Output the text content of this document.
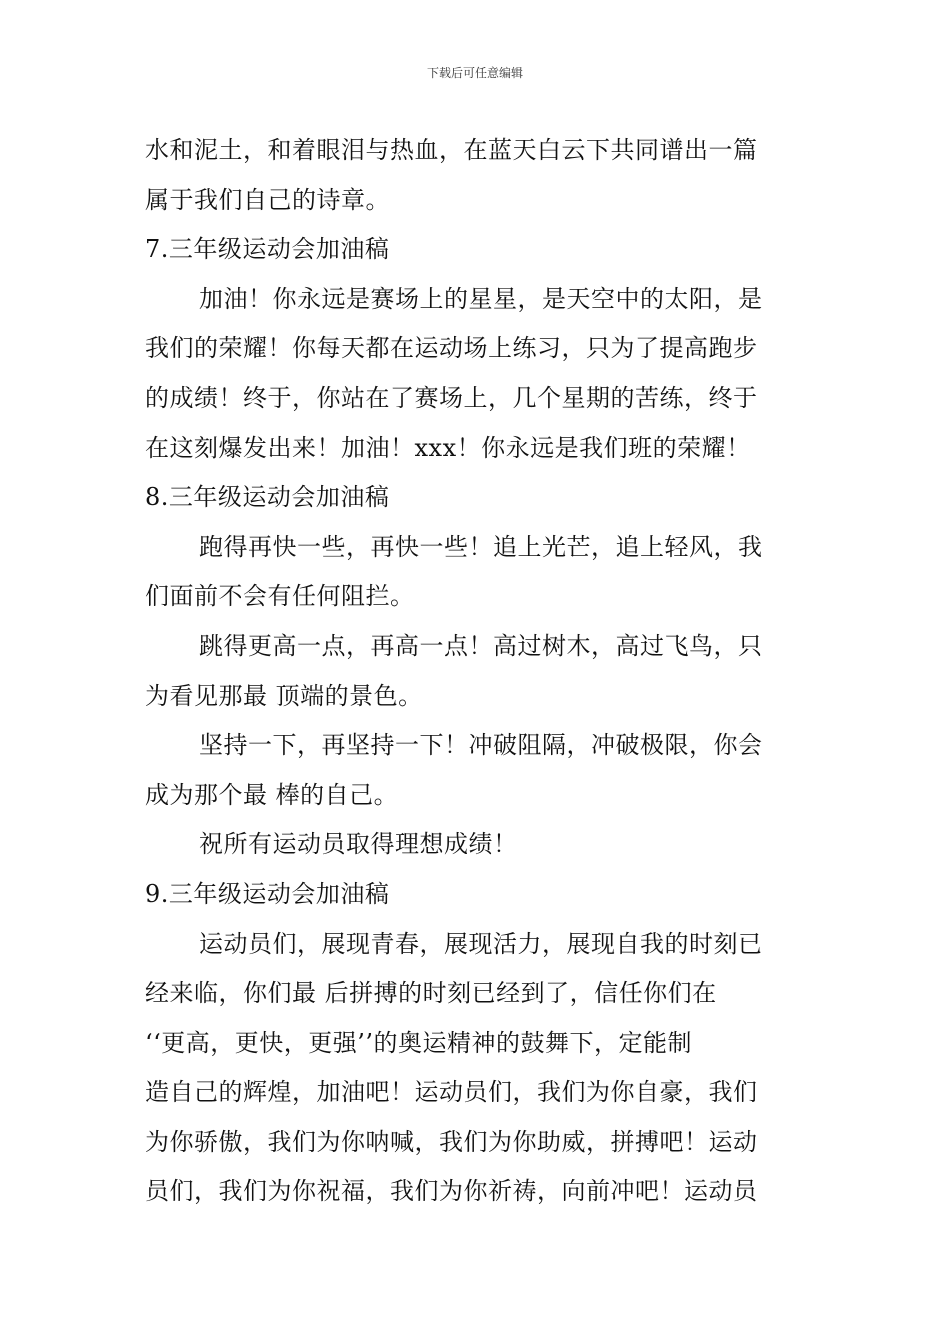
下载后可任意编辑
水和泥土，和着眼泪与热血，在蓝天白云下共同谱出一篇
属于我们自己的诗章。
7.三年级运动会加油稿
加油！你永远是赛场上的星星，是天空中的太阳，是
我们的荣耀！你每天都在运动场上练习，只为了提高跑步
的成绩！终于，你站在了赛场上，几个星期的苦练，终于
在这刻爆发出来！加油！xxx！你永远是我们班的荣耀！
8.三年级运动会加油稿
跑得再快一些，再快一些！追上光芒，追上轻风，我
们面前不会有任何阻拦。
跳得更高一点，再高一点！高过树木，高过飞鸟，只
为看见那最 顶端的景色。
坚持一下，再坚持一下！冲破阻隔，冲破极限，你会
成为那个最 棒的自己。
祝所有运动员取得理想成绩！
9.三年级运动会加油稿
运动员们，展现青春，展现活力，展现自我的时刻已
经来临，你们最 后拼搏的时刻已经到了，信任你们在
‘‘更高，更快，更强’’的奥运精神的鼓舞下，定能制
造自己的辉煌，加油吧！运动员们，我们为你自豪，我们
为你骄傲，我们为你呐喊，我们为你助威，拼搏吧！运动
员们，我们为你祝福，我们为你祈祷，向前冲吧！运动员
